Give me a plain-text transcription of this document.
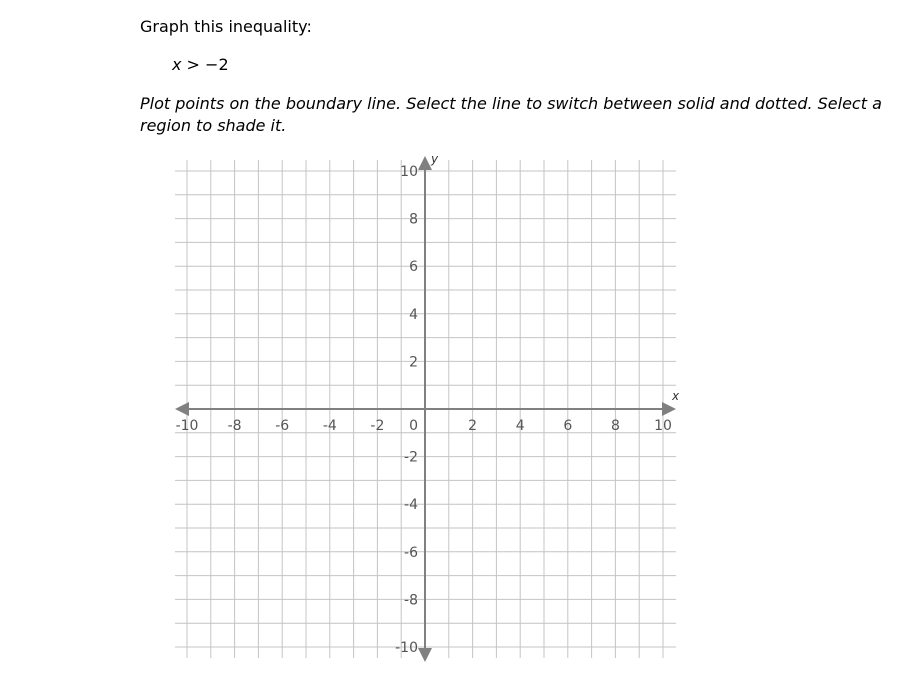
Graph this inequality:

x > −2

Plot points on the boundary line. Select the line to switch between solid and dotted. Select a region to shade it.

-10 -8 -6 -4 -2	2	4	6	8 10
10
8
6
4
2
-2
-4
-6
-8
-10
0
x
y
